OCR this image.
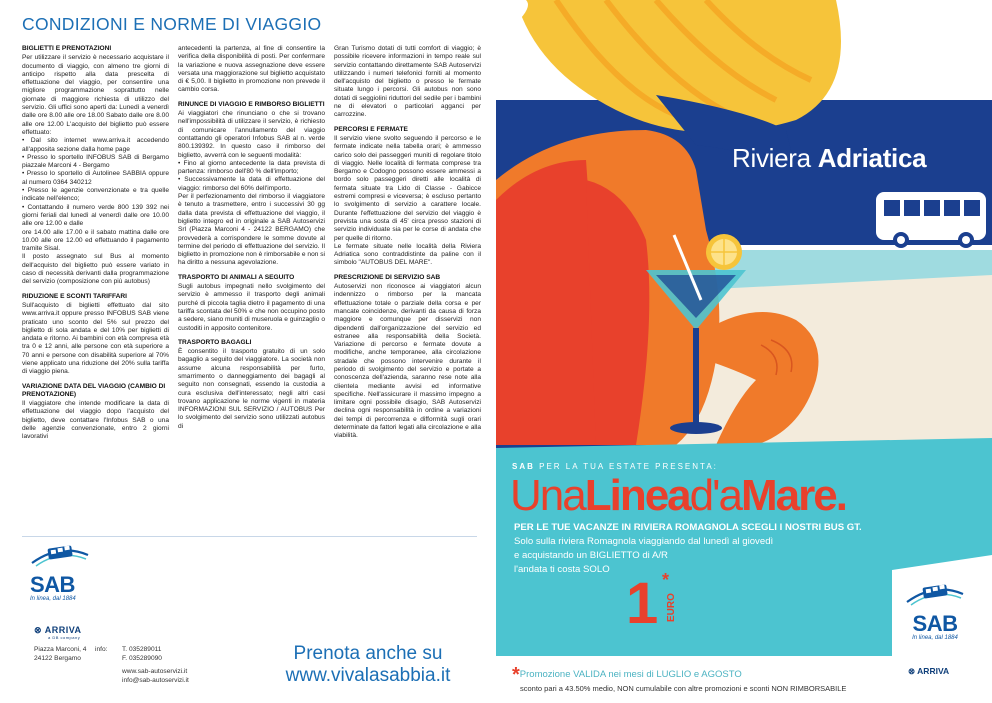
CONDIZIONI E NORME DI VIAGGIO
BIGLIETTI E PRENOTAZIONI
Per utilizzare il servizio è necessario acquistare il documento di viaggio, con almeno tre giorni di anticipo rispetto alla data prescelta di effettuazione del viaggio, per consentire una migliore programmazione soprattutto nelle giornate di maggiore richiesta di utilizzo del servizio. Gli uffici sono aperti da: Lunedì a venerdì dalle ore 8.00 alle ore 18.00 Sabato dalle ore 8.00 alle ore 12.00 L'acquisto del biglietto può essere effettuato:
• Dal sito internet www.arriva.it accedendo all'apposita sezione dalla home page
• Presso lo sportello INFOBUS SAB di Bergamo piazzale Marconi 4 - Bergamo
• Presso lo sportello di Autolinee SABBIA oppure al numero 0364 340212
• Presso le agenzie convenzionate e tra quelle indicate nell'elenco;
• Contattando il numero verde 800 139 392 nei giorni feriali dal lunedì al venerdì dalle ore 10.00 alle ore 12.00 e dalle
ore 14.00 alle 17.00 e il sabato mattina dalle ore 10.00 alle ore 12.00 ed effettuando il pagamento tramite Sisal.
Il posto assegnato sul Bus al momento dell'acquisto del biglietto può essere variato in caso di necessità derivanti dalla programmazione del servizio (composizione con più autobus)
RIDUZIONE E SCONTI TARIFFARI
Sull'acquisto di biglietti effettuato dal sito www.arriva.it oppure presso INFOBUS SAB viene praticato uno sconto del 5% sul prezzo del biglietto di sola andata e del 10% per biglietti di andata e ritorno. Ai bambini con età compresa età tra 0 e 12 anni, alle persone con età superiore a 70 anni e persone con disabilità superiore al 70% viene applicato una riduzione del 20% sulla tariffa di viaggio piena.
VARIAZIONE DATA DEL VIAGGIO (CAMBIO DI PRENOTAZIONE)
Il viaggiatore che intende modificare la data di effettuazione del viaggio dopo l'acquisto del biglietto, deve contattare l'Infobus SAB o una delle agenzie convenzionate, entro 2 giorni lavorativi
antecedenti la partenza, al fine di consentire la verifica della disponibilità di posti. Per confermare la variazione e nuova assegnazione deve essere versata una maggiorazione sul biglietto acquistato di € 5,00. Il biglietto in promozione non prevede il cambio corsa.
RINUNCE DI VIAGGIO E RIMBORSO BIGLIETTI
Ai viaggiatori che rinunciano o che si trovano nell'impossibilità di utilizzare il servizio, è richiesto di comunicare l'annullamento del viaggio contattando gli operatori Infobus SAB al n. verde 800.139392. In questo caso il rimborso del biglietto, avverrà con le seguenti modalità:
• Fino al giorno antecedente la data prevista di partenza: rimborso dell'80 % dell'importo;
• Successivamente la data di effettuazione del viaggio: rimborso del 60% dell'importo.
Per il perfezionamento del rimborso il viaggiatore è tenuto a trasmettere, entro i successivi 30 gg dalla data prevista di effettuazione del viaggio, il biglietto integro ed in originale a SAB Autoservizi Srl (Piazza Marconi 4 - 24122 BERGAMO) che provvederà a corrispondere le somme dovute al termine del periodo di effettuazione del servizio. Il biglietto in promozione non è rimborsabile e non si ha diritto a nessuna agevolazione.
TRASPORTO DI ANIMALI A SEGUITO
Sugli autobus impegnati nello svolgimento del servizio è ammesso il trasporto degli animali purché di piccola taglia dietro il pagamento di una tariffa scontata del 50% e che non occupino posto a sedere, siano muniti di museruola e guinzaglio o custoditi in apposito contenitore.
TRASPORTO BAGAGLI
È consentito il trasporto gratuito di un solo bagaglio a seguito del viaggiatore. La società non assume alcuna responsabilità per furto, smarrimento o danneggiamento dei bagagli al seguito non consegnati, essendo la custodia a cura esclusiva dell'interessato; negli altri casi trovano applicazione le norme vigenti in materia INFORMAZIONI SUL SERVIZIO / AUTOBUS Per lo svolgimento del servizio sono utilizzati autobus di
Gran Turismo dotati di tutti comfort di viaggio; è possibile ricevere informazioni in tempo reale sul servizio contattando direttamente SAB Autoservizi utilizzando i numeri telefonici forniti al momento dell'acquisto del biglietto o presso le fermate situate lungo i percorsi. Gli autobus non sono dotati di seggiolini riduttori del sedile per i bambini ne di elevatori o particolari agganci per carrozzine.
PERCORSI E FERMATE
Il servizio viene svolto seguendo il percorso e le fermate indicate nella tabella orari; è ammesso carico solo dei passeggeri muniti di regolare titolo di viaggio. Nelle località di fermata comprese tra Bergamo e Codogno possono essere ammessi a bordo solo passeggeri diretti alle località di fermata situate tra Lido di Classe - Gabicce estremi compresi e viceversa; è escluso pertanto lo svolgimento di servizio a carattere locale. Durante l'effettuazione del servizio del viaggio è prevista una sosta di 45' circa presso stazioni di servizio individuate sia per le corse di andata che per quelle di ritorno.
Le fermate situate nelle località della Riviera Adriatica sono contraddistinte da paline con il simbolo "AUTOBUS DEL MARE".
PRESCRIZIONE DI SERVIZIO SAB
Autoservizi non riconosce ai viaggiatori alcun indennizzo o rimborso per la mancata effettuazione totale o parziale della corsa e per mancate coincidenze, derivanti da causa di forza maggiore e comunque per disservizi non dipendenti dall'organizzazione del servizio ed estranee alla responsabilità della Società. Variazione di percorso e fermate dovute a modifiche, anche temporanee, alla circolazione stradale che possono intervenire durante il periodo di svolgimento del servizio e portate a conoscenza dell'azienda, saranno rese note alla clientela mediante avvisi ed informative specifiche. Nell'assicurare il massimo impegno a limitare ogni possibile disagio, SAB Autoservizi declina ogni responsabilità in ordine a variazioni dei tempi di percorrenza e difformità sugli orari determinate da fattori legati alla circolazione e alla viabilità.
SAB
In linea, dal 1884
⊗ ARRIVA
a DB company
Piazza Marconi, 4
24122 Bergamo
info: T. 035289011
F. 035289090
www.sab-autoservizi.it
info@sab-autoservizi.it
Prenota anche su
www.vivalasabbia.it
Riviera Adriatica
SAB PER LA TUA ESTATE PRESENTA:
UnaLinead'aMare.
PER LE TUE VACANZE IN RIVIERA ROMAGNOLA SCEGLI I NOSTRI BUS GT.
Solo sulla riviera Romagnola viaggiando dal lunedì al giovedì
e acquistando un BIGLIETTO di A/R
l'andata ti costa SOLO
1 *
EURO
SAB
In linea, dal 1884
*Promozione VALIDA nei mesi di LUGLIO e AGOSTO
sconto pari a 43.50% medio, NON cumulabile con altre promozioni e sconti NON RIMBORSABILE
⊗ ARRIVA
